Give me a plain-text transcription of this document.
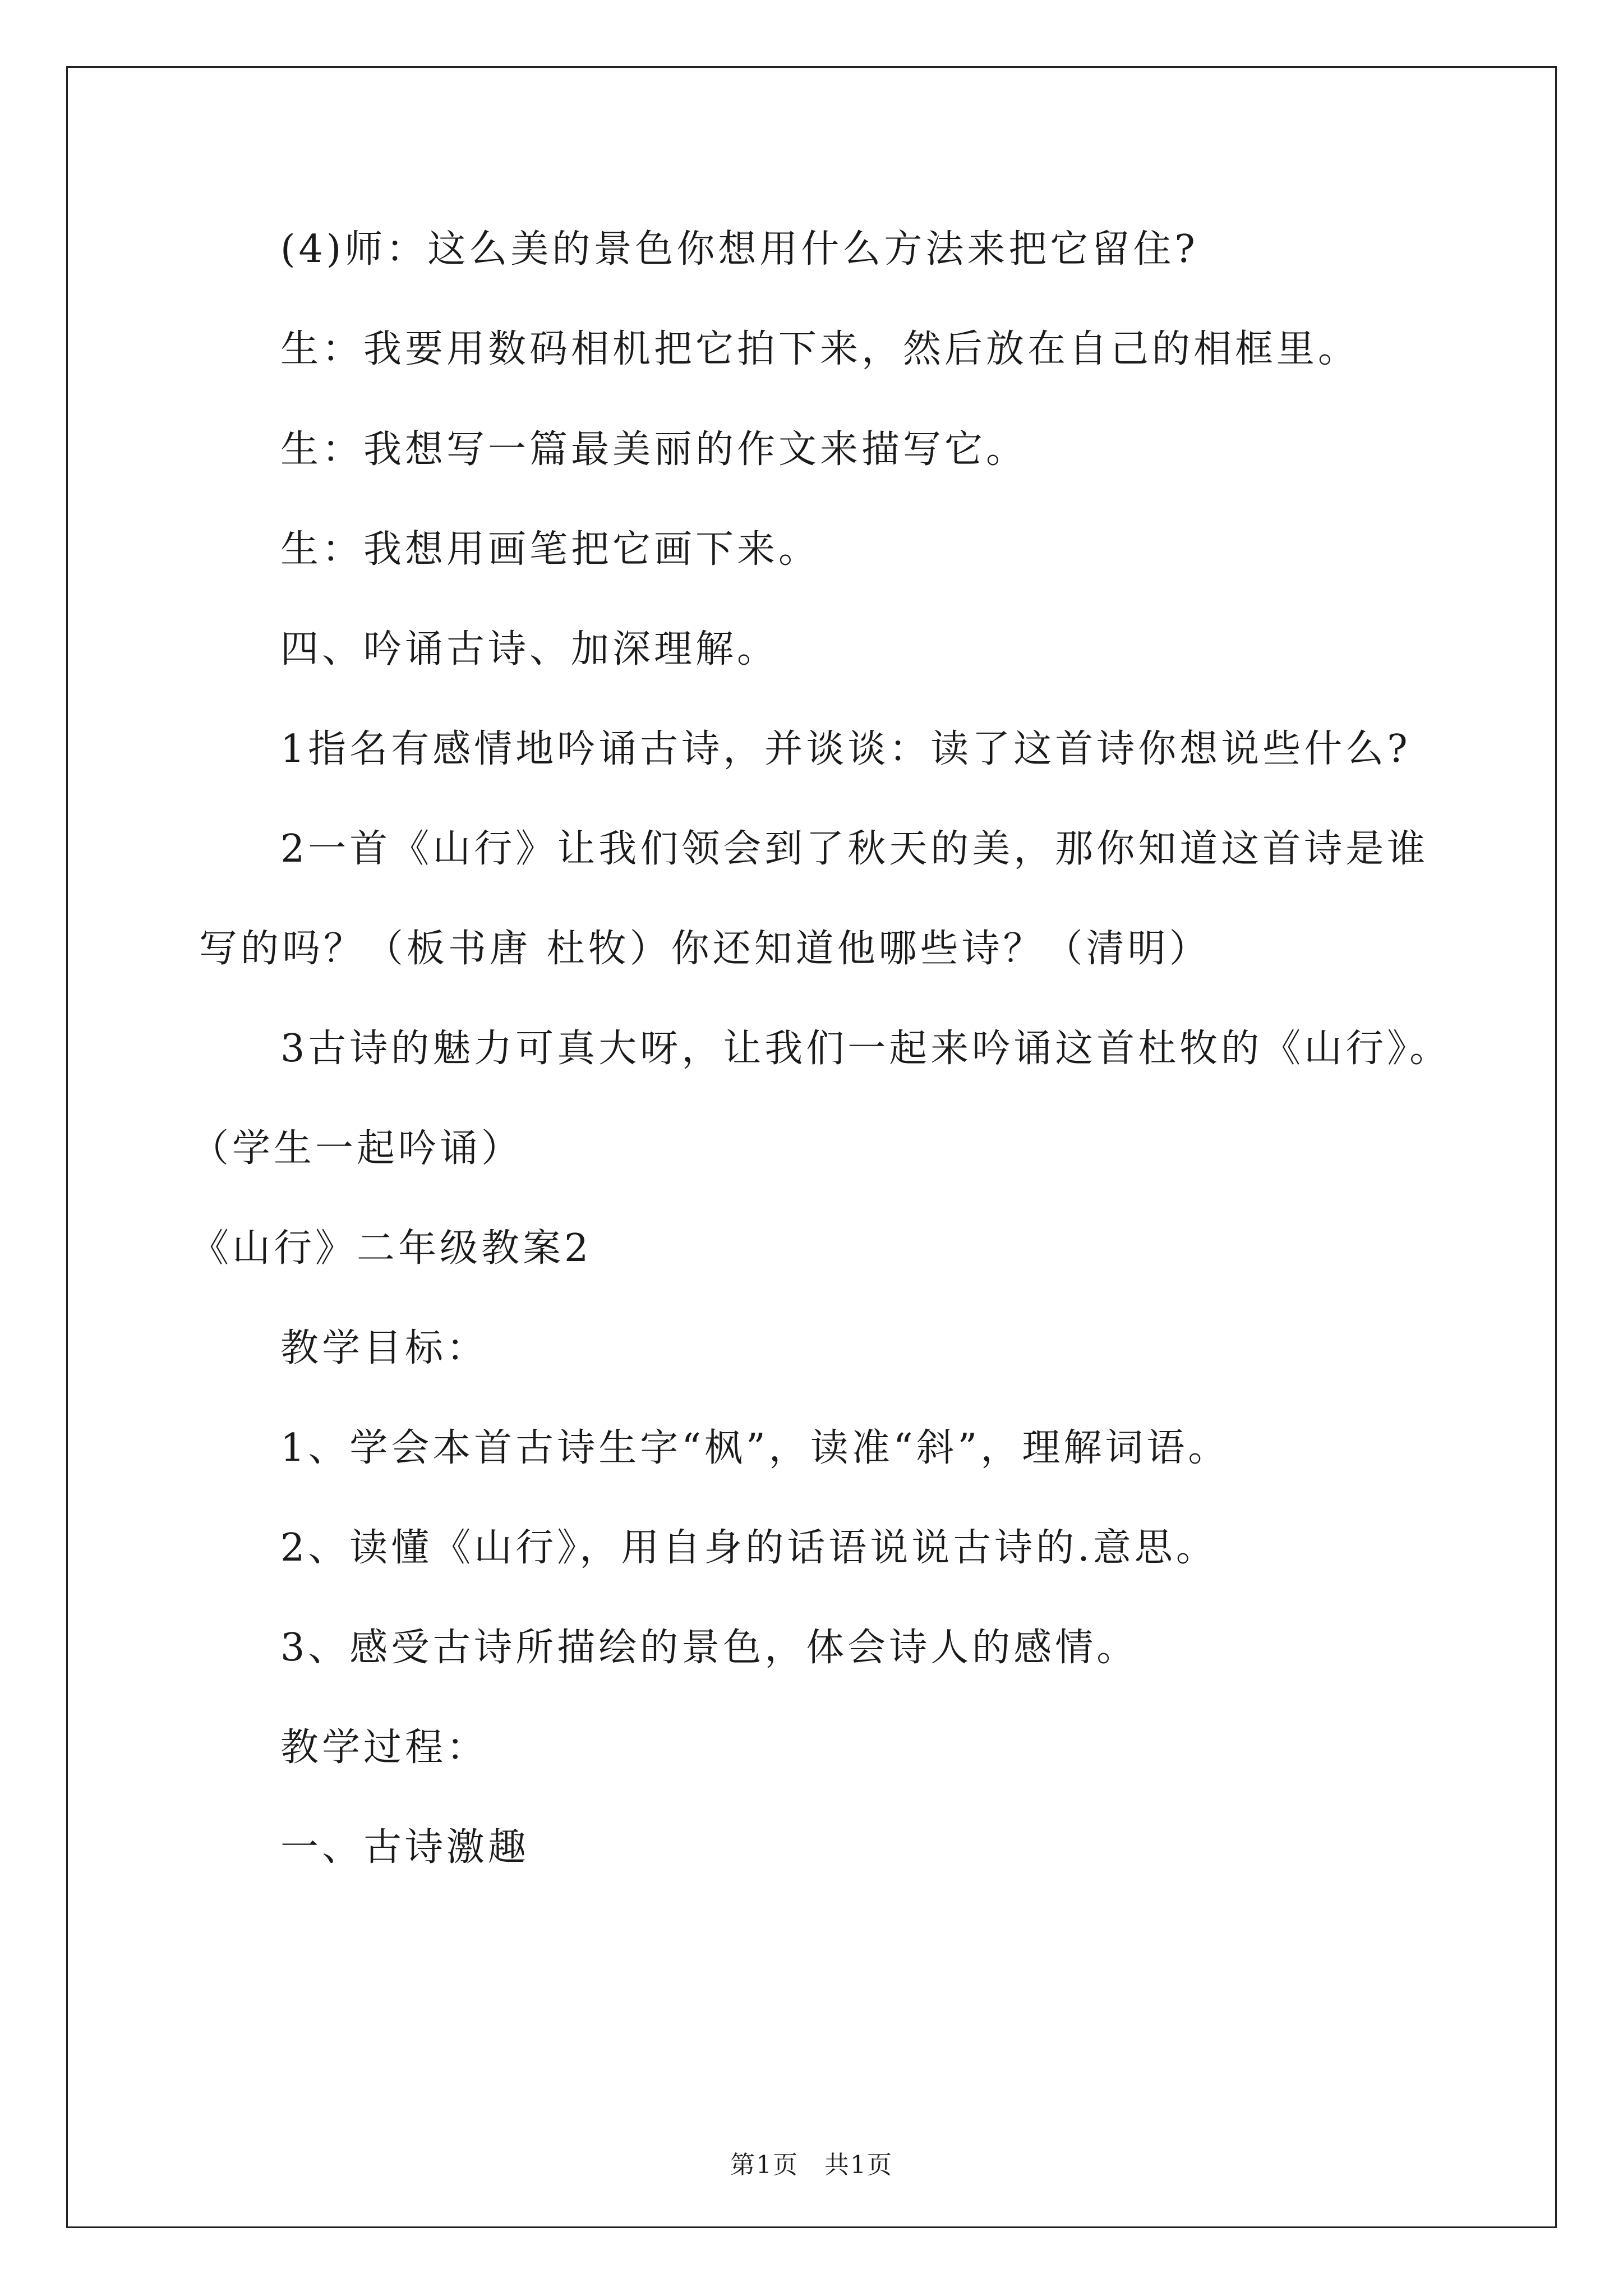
(4)师：这么美的景色你想用什么方法来把它留住?
生：我要用数码相机把它拍下来，然后放在自己的相框里。
生：我想写一篇最美丽的作文来描写它。
生：我想用画笔把它画下来。
四、吟诵古诗、加深理解。
1指名有感情地吟诵古诗，并谈谈：读了这首诗你想说些什么?
2一首《山行》让我们领会到了秋天的美，那你知道这首诗是谁
写的吗？（板书唐 杜牧）你还知道他哪些诗？（清明）
3古诗的魅力可真大呀，让我们一起来吟诵这首杜牧的《山行》。
（学生一起吟诵）
《山行》二年级教案2
教学目标：
1、学会本首古诗生字“枫”，读准“斜”，理解词语。
2、读懂《山行》，用自身的话语说说古诗的.意思。
3、感受古诗所描绘的景色，体会诗人的感情。
教学过程：
一、古诗激趣
第1页　共1页
